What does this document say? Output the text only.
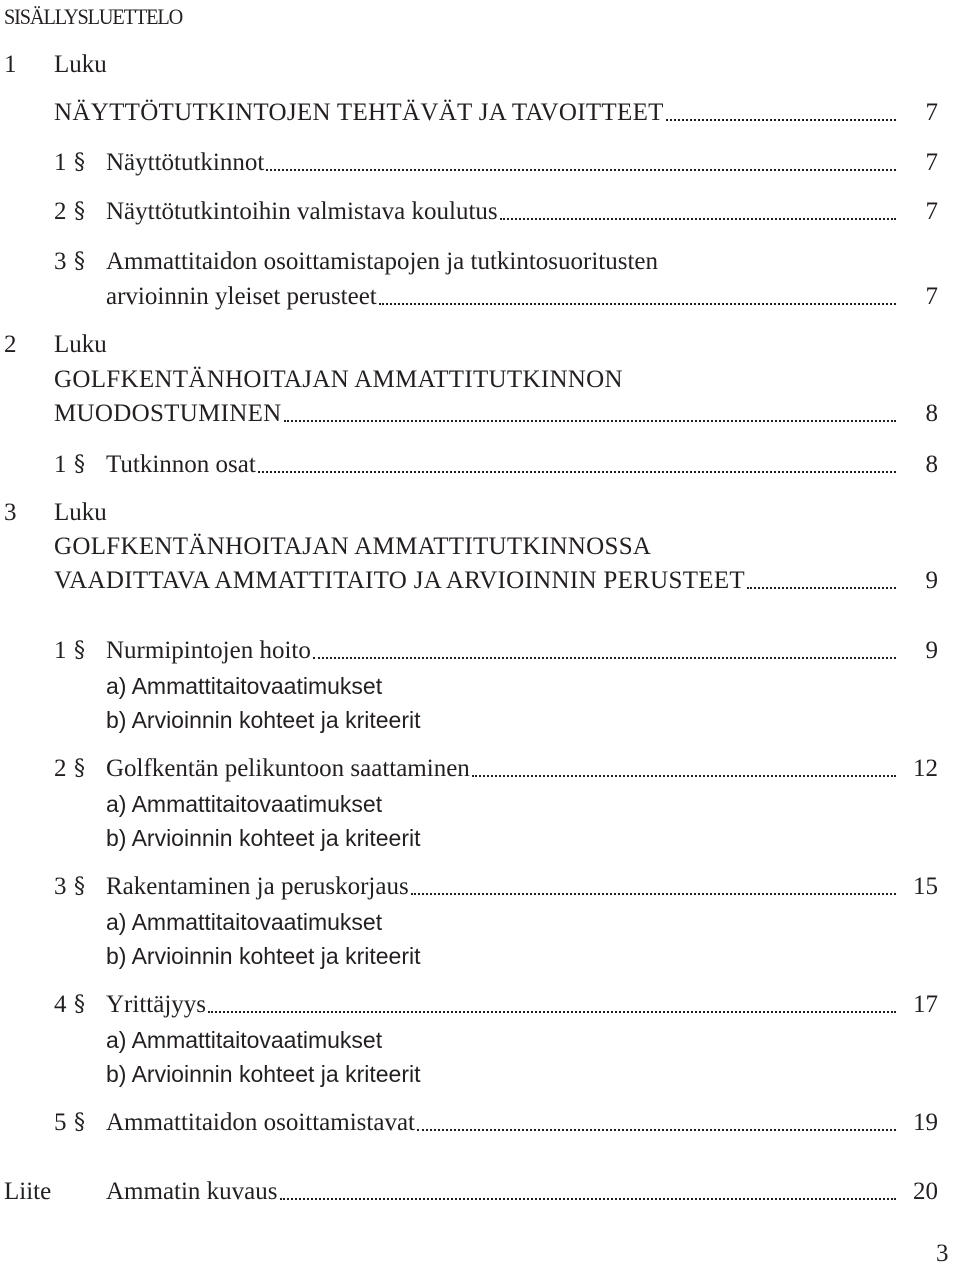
SISÄLLYSLUETTELO
1 Luku
NÄYTTÖTUTKINTOJEN TEHTÄVÄT JA TAVOITTEET	7
1 § Näyttötutkinnot	7
2 § Näyttötutkintoihin valmistava koulutus	7
3 § Ammattitaidon osoittamistapojen ja tutkintosuoritusten
arvioinnin yleiset perusteet	7
2 Luku
GOLFKENTÄNHOITAJAN AMMATTITUTKINNON
MUODOSTUMINEN	8
1 § Tutkinnon osat	8
3 Luku
GOLFKENTÄNHOITAJAN AMMATTITUTKINNOSSA
VAADITTAVA AMMATTITAITO JA ARVIOINNIN PERUSTEET	9
1 § Nurmipintojen hoito	9
a) Ammattitaitovaatimukset
b) Arvioinnin kohteet ja kriteerit
2 § Golfkentän pelikuntoon saattaminen	12
a) Ammattitaitovaatimukset
b) Arvioinnin kohteet ja kriteerit
3 § Rakentaminen ja peruskorjaus	15
a) Ammattitaitovaatimukset
b) Arvioinnin kohteet ja kriteerit
4 § Yrittäjyys	17
a) Ammattitaitovaatimukset
b) Arvioinnin kohteet ja kriteerit
5 § Ammattitaidon osoittamistavat	19
Liite Ammatin kuvaus	20
3
